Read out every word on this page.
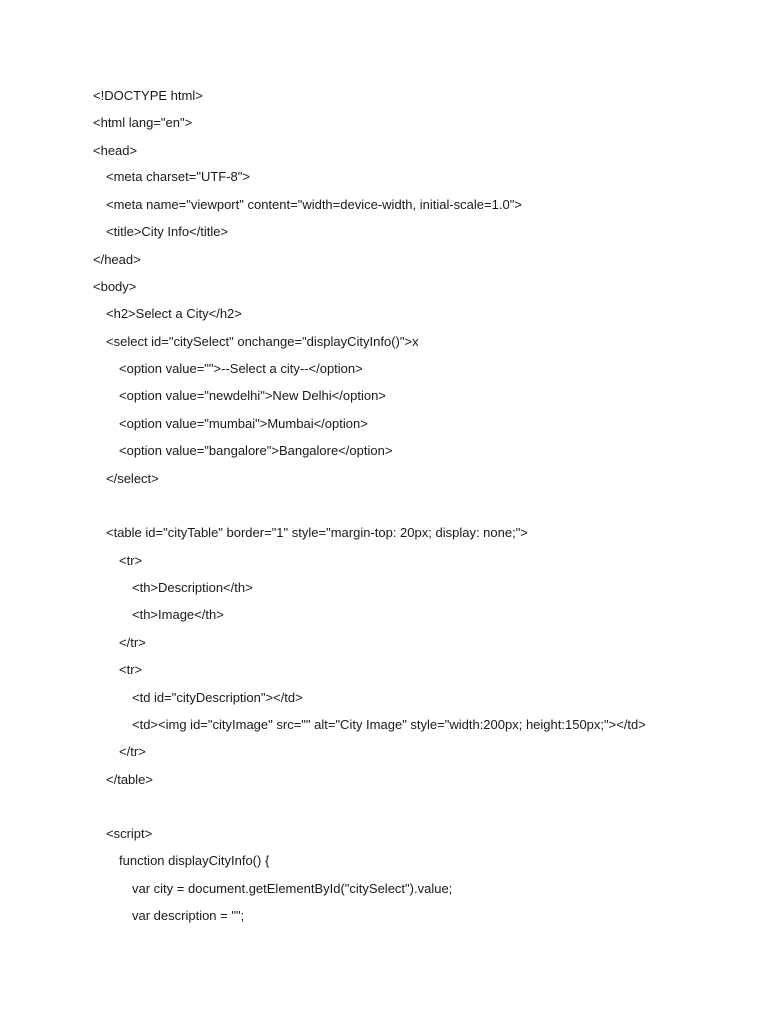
<!DOCTYPE html>
<html lang="en">
<head>
<meta charset="UTF-8">
<meta name="viewport" content="width=device-width, initial-scale=1.0">
<title>City Info</title>
</head>
<body>
<h2>Select a City</h2>
<select id="citySelect" onchange="displayCityInfo()">x
<option value="">--Select a city--</option>
<option value="newdelhi">New Delhi</option>
<option value="mumbai">Mumbai</option>
<option value="bangalore">Bangalore</option>
</select>
<table id="cityTable" border="1" style="margin-top: 20px; display: none;">
<tr>
<th>Description</th>
<th>Image</th>
</tr>
<tr>
<td id="cityDescription"></td>
<td><img id="cityImage" src="" alt="City Image" style="width:200px; height:150px;"></td>
</tr>
</table>
<script>
function displayCityInfo() {
var city = document.getElementById("citySelect").value;
var description = "";
